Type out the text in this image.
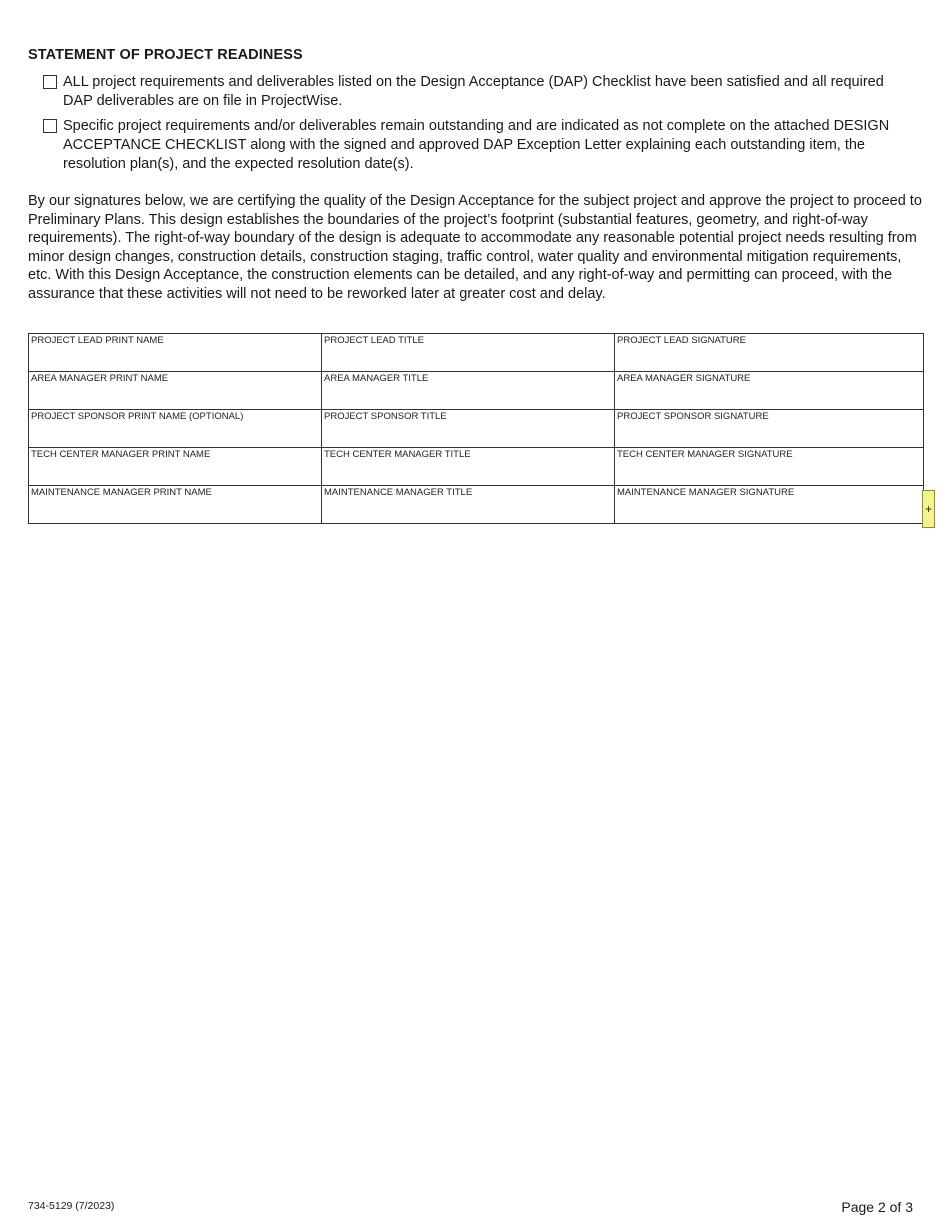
STATEMENT OF PROJECT READINESS
ALL project requirements and deliverables listed on the Design Acceptance (DAP) Checklist have been satisfied and all required DAP deliverables are on file in ProjectWise.
Specific project requirements and/or deliverables remain outstanding and are indicated as not complete on the attached DESIGN ACCEPTANCE CHECKLIST along with the signed and approved DAP Exception Letter explaining each outstanding item, the resolution plan(s), and the expected resolution date(s).
By our signatures below, we are certifying the quality of the Design Acceptance for the subject project and approve the project to proceed to Preliminary Plans. This design establishes the boundaries of the project’s footprint (substantial features, geometry, and right-of-way requirements). The right-of-way boundary of the design is adequate to accommodate any reasonable potential project needs resulting from minor design changes, construction details, construction staging, traffic control, water quality and environmental mitigation requirements, etc. With this Design Acceptance, the construction elements can be detailed, and any right-of-way and permitting can proceed, with the assurance that these activities will not need to be reworked later at greater cost and delay.
PROJECT LEAD PRINT NAME	PROJECT LEAD TITLE	PROJECT LEAD SIGNATURE

AREA MANAGER PRINT NAME	AREA MANAGER TITLE	AREA MANAGER SIGNATURE

PROJECT SPONSOR PRINT NAME (OPTIONAL)	PROJECT SPONSOR TITLE	PROJECT SPONSOR SIGNATURE

TECH CENTER MANAGER PRINT NAME	TECH CENTER MANAGER TITLE	TECH CENTER MANAGER SIGNATURE

MAINTENANCE MANAGER PRINT NAME	MAINTENANCE MANAGER TITLE	MAINTENANCE MANAGER SIGNATURE
+
734-5129 (7/2023)	Page 2 of 3
